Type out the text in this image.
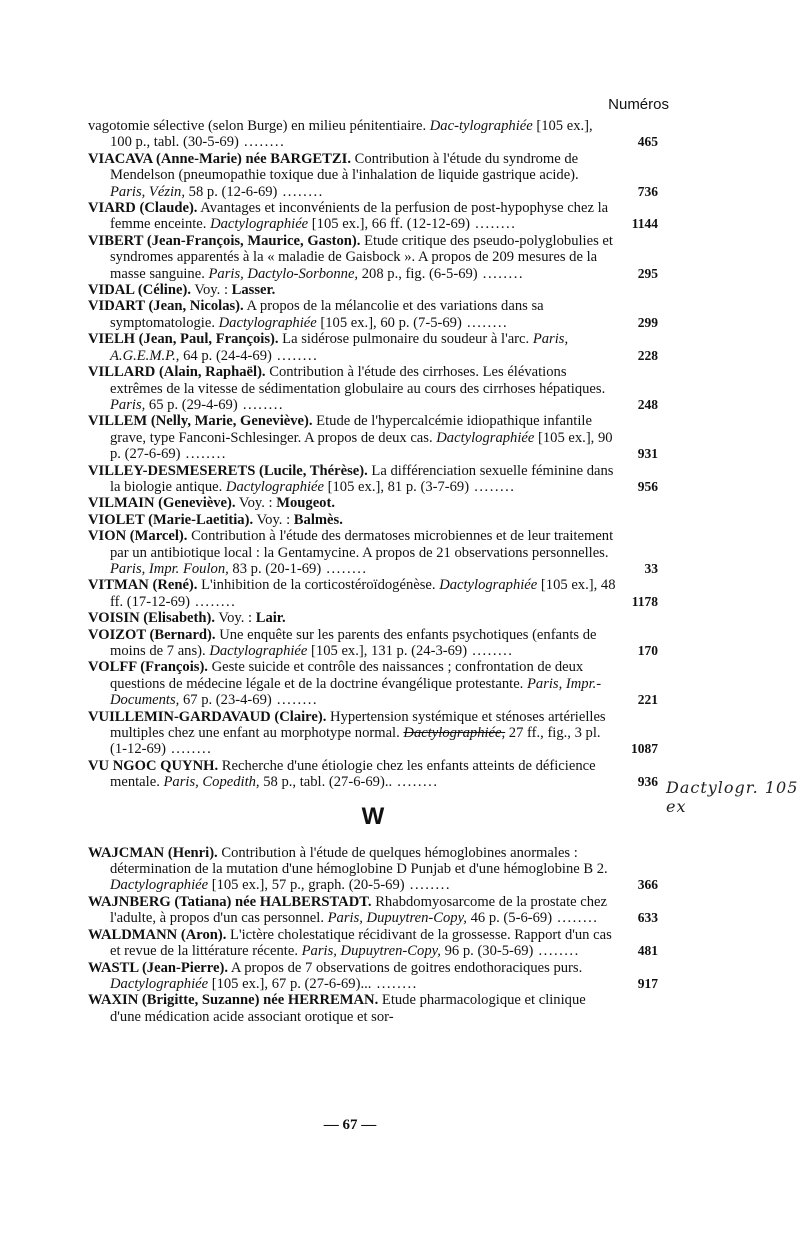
Numéros
vagotomie sélective (selon Burge) en milieu pénitentiaire. Dac-tylographiée [105 ex.], 100 p., tabl. (30-5-69) ........	465
VIACAVA (Anne-Marie) née BARGETZI. Contribution à l'étude du syndrome de Mendelson (pneumopathie toxique due à l'inhalation de liquide gastrique acide). Paris, Vézin, 58 p. (12-6-69) ........	736
VIARD (Claude). Avantages et inconvénients de la perfusion de post-hypophyse chez la femme enceinte. Dactylographiée [105 ex.], 66 ff. (12-12-69) ........	1144
VIBERT (Jean-François, Maurice, Gaston). Etude critique des pseudo-polyglobulies et syndromes apparentés à la « maladie de Gaisbock ». A propos de 209 mesures de la masse sanguine. Paris, Dactylo-Sorbonne, 208 p., fig. (6-5-69) ........	295
VIDAL (Céline). Voy. : Lasser.
VIDART (Jean, Nicolas). A propos de la mélancolie et des variations dans sa symptomatologie. Dactylographiée [105 ex.], 60 p. (7-5-69) ........	299
VIELH (Jean, Paul, François). La sidérose pulmonaire du soudeur à l'arc. Paris, A.G.E.M.P., 64 p. (24-4-69) ........	228
VILLARD (Alain, Raphaël). Contribution à l'étude des cirrhoses. Les élévations extrêmes de la vitesse de sédimentation globulaire au cours des cirrhoses hépatiques. Paris, 65 p. (29-4-69) ........	248
VILLEM (Nelly, Marie, Geneviève). Etude de l'hypercalcémie idiopathique infantile grave, type Fanconi-Schlesinger. A propos de deux cas. Dactylographiée [105 ex.], 90 p. (27-6-69) ........	931
VILLEY-DESMESERETS (Lucile, Thérèse). La différenciation sexuelle féminine dans la biologie antique. Dactylographiée [105 ex.], 81 p. (3-7-69) ........	956
VILMAIN (Geneviève). Voy. : Mougeot.
VIOLET (Marie-Laetitia). Voy. : Balmès.
VION (Marcel). Contribution à l'étude des dermatoses microbiennes et de leur traitement par un antibiotique local : la Gentamycine. A propos de 21 observations personnelles. Paris, Impr. Foulon, 83 p. (20-1-69) ........	33
VITMAN (René). L'inhibition de la corticostéroïdogénèse. Dactylographiée [105 ex.], 48 ff. (17-12-69) ........	1178
VOISIN (Elisabeth). Voy. : Lair.
VOIZOT (Bernard). Une enquête sur les parents des enfants psychotiques (enfants de moins de 7 ans). Dactylographiée [105 ex.], 131 p. (24-3-69) ........	170
VOLFF (François). Geste suicide et contrôle des naissances ; confrontation de deux questions de médecine légale et de la doctrine évangélique protestante. Paris, Impr.-Documents, 67 p. (23-4-69) ........	221
VUILLEMIN-GARDAVAUD (Claire). Hypertension systémique et sténoses artérielles multiples chez une enfant au morphotype normal. Dactylographiée, 27 ff., fig., 3 pl. (1-12-69) ........	1087
VU NGOC QUYNH. Recherche d'une étiologie chez les enfants atteints de déficience mentale. Paris, Copedith, 58 p., tabl. (27-6-69).. ........	936
W
WAJCMAN (Henri). Contribution à l'étude de quelques hémoglobines anormales : détermination de la mutation d'une hémoglobine D Punjab et d'une hémoglobine B 2. Dactylographiée [105 ex.], 57 p., graph. (20-5-69) ........	366
WAJNBERG (Tatiana) née HALBERSTADT. Rhabdomyosarcome de la prostate chez l'adulte, à propos d'un cas personnel. Paris, Dupuytren-Copy, 46 p. (5-6-69) ........	633
WALDMANN (Aron). L'ictère cholestatique récidivant de la grossesse. Rapport d'un cas et revue de la littérature récente. Paris, Dupuytren-Copy, 96 p. (30-5-69) ........	481
WASTL (Jean-Pierre). A propos de 7 observations de goitres endothoraciques purs. Dactylographiée [105 ex.], 67 p. (27-6-69)... ........	917
WAXIN (Brigitte, Suzanne) née HERREMAN. Etude pharmacologique et clinique d'une médication acide associant orotique et sor-
Dactylogr. 105 ex
— 67 —
